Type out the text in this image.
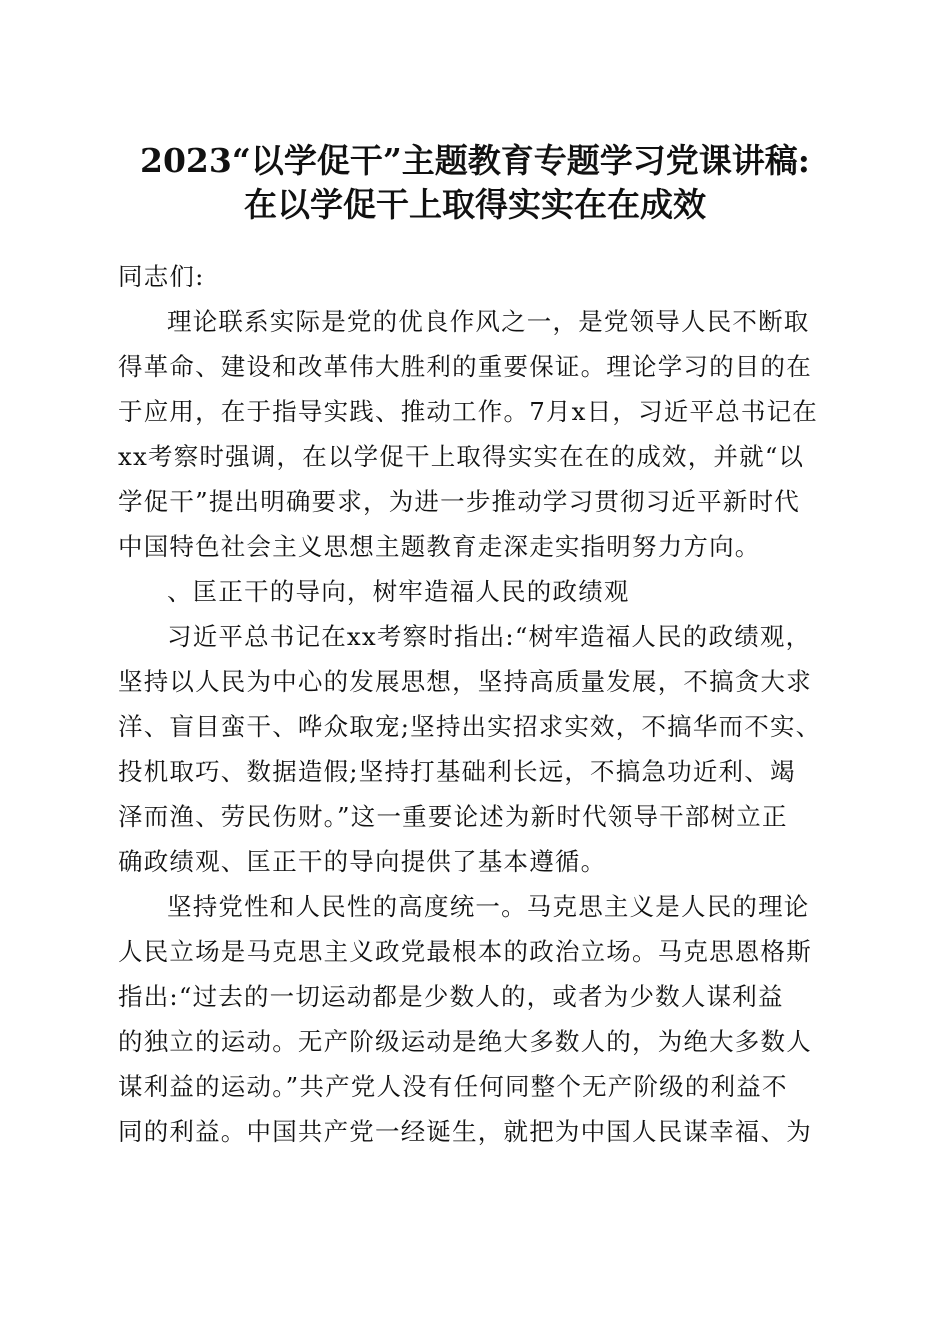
2023“以学促干”主题教育专题学习党课讲稿:
在以学促干上取得实实在在成效
同志们:

理论联系实际是党的优良作风之一，是党领导人民不断取
得革命、建设和改革伟大胜利的重要保证。理论学习的目的在
于应用，在于指导实践、推动工作。7月x日，习近平总书记在
xx考察时强调，在以学促干上取得实实在在的成效，并就“以
学促干”提出明确要求，为进一步推动学习贯彻习近平新时代
中国特色社会主义思想主题教育走深走实指明努力方向。

、匡正干的导向，树牢造福人民的政绩观

习近平总书记在xx考察时指出:“树牢造福人民的政绩观，
坚持以人民为中心的发展思想，坚持高质量发展，不搞贪大求
洋、盲目蛮干、哗众取宠;坚持出实招求实效，不搞华而不实、
投机取巧、数据造假;坚持打基础利长远，不搞急功近利、竭
泽而渔、劳民伤财。”这一重要论述为新时代领导干部树立正
确政绩观、匡正干的导向提供了基本遵循。

坚持党性和人民性的高度统一。马克思主义是人民的理论
人民立场是马克思主义政党最根本的政治立场。马克思恩格斯
指出:“过去的一切运动都是少数人的，或者为少数人谋利益
的独立的运动。无产阶级运动是绝大多数人的，为绝大多数人
谋利益的运动。”共产党人没有任何同整个无产阶级的利益不
同的利益。中国共产党一经诞生，就把为中国人民谋幸福、为
